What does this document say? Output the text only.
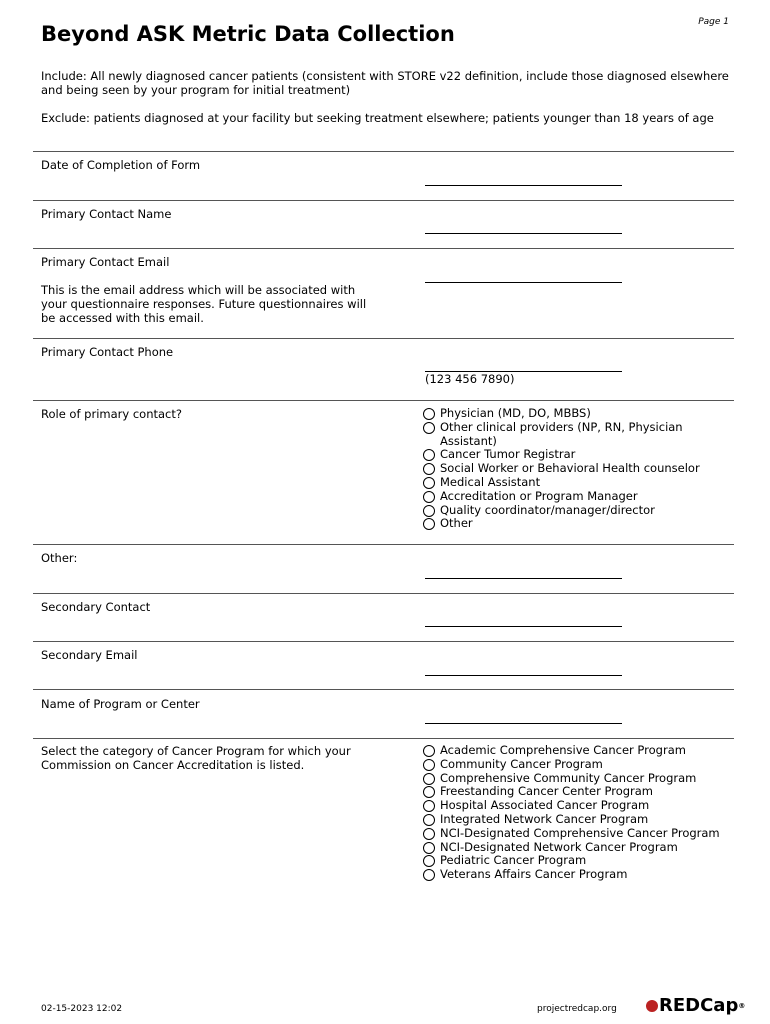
Page 1
Beyond ASK Metric Data Collection
Include: All newly diagnosed cancer patients (consistent with STORE v22 definition, include those diagnosed elsewhere and being seen by your program for initial treatment)
Exclude: patients diagnosed at your facility but seeking treatment elsewhere; patients younger than 18 years of age
Date of Completion of Form
Primary Contact Name
Primary Contact Email
This is the email address which will be associated with your questionnaire responses. Future questionnaires will be accessed with this email.
Primary Contact Phone
(123 456 7890)
Role of primary contact?	Physician (MD, DO, MBBS)
Other clinical providers (NP, RN, Physician Assistant)
Cancer Tumor Registrar
Social Worker or Behavioral Health counselor
Medical Assistant
Accreditation or Program Manager
Quality coordinator/manager/director
Other
Other:
Secondary Contact
Secondary Email
Name of Program or Center
Select the category of Cancer Program for which your Commission on Cancer Accreditation is listed.
Academic Comprehensive Cancer Program
Community Cancer Program
Comprehensive Community Cancer Program
Freestanding Cancer Center Program
Hospital Associated Cancer Program
Integrated Network Cancer Program
NCI-Designated Comprehensive Cancer Program
NCI-Designated Network Cancer Program
Pediatric Cancer Program
Veterans Affairs Cancer Program
02-15-2023 12:02	projectredcap.org REDCap ®
